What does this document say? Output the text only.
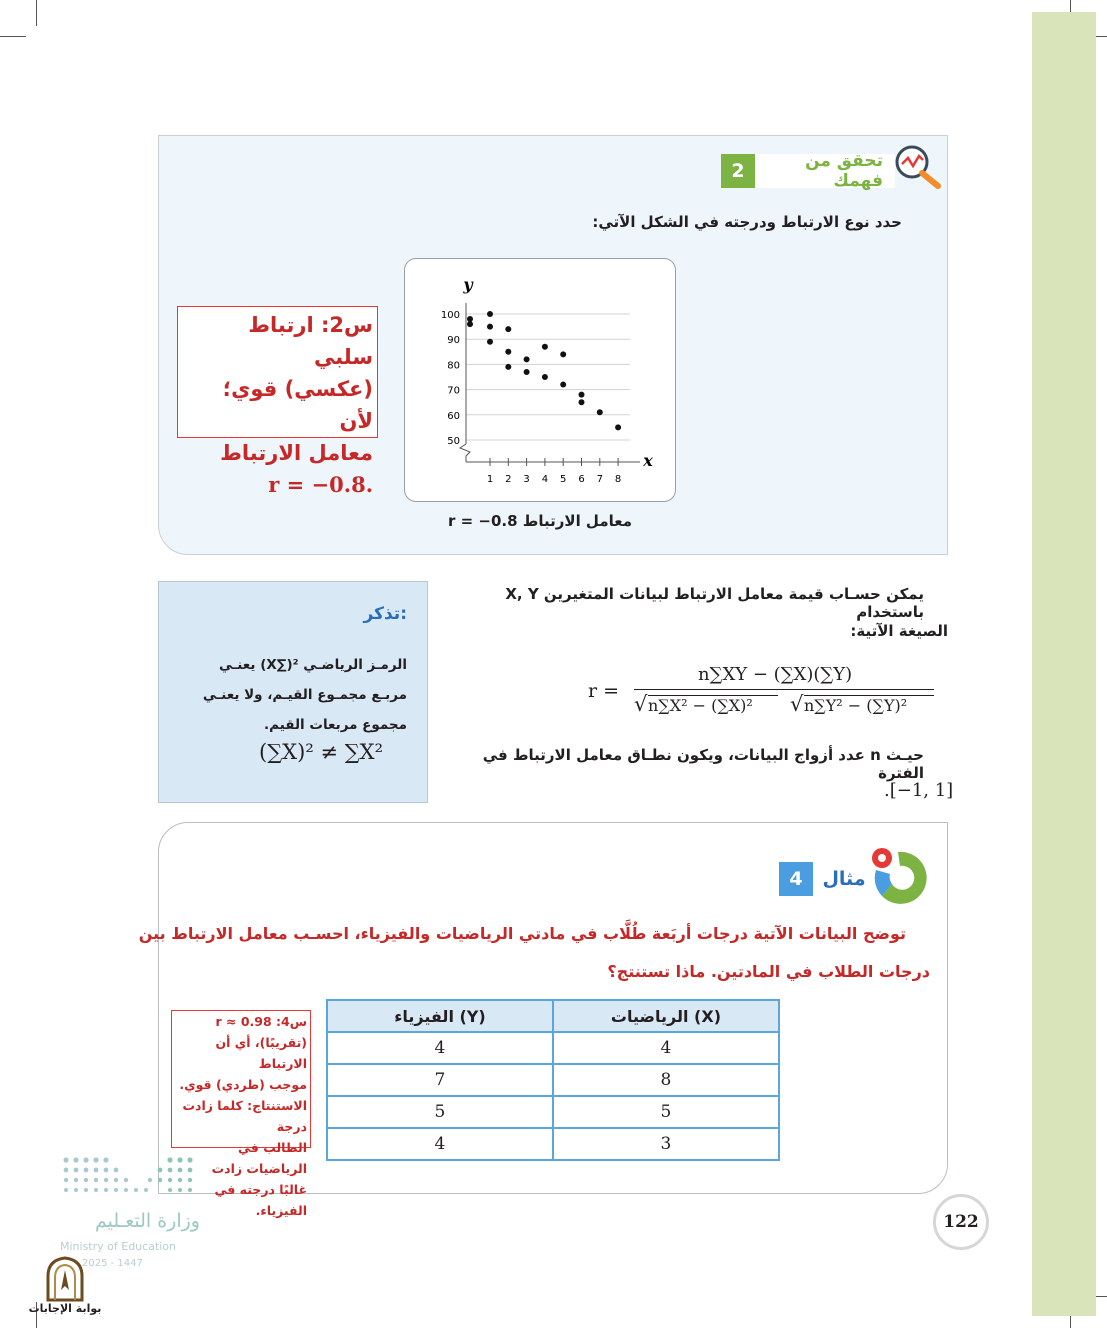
تحقق من فهمك
2
حدد نوع الارتباط ودرجته في الشكل الآتي:
100
90
80
70
60
50
1 2 3 4 5 6 7 8
y
x
معامل الارتباط r = −0.8
س2: ارتباط سلبي
(عكسي) قوي؛ لأن
معامل الارتباط
.r = −0.8
تذكر:
الرمـز الرياضـي ²(∑X) يعنـي
مربـع مجمـوع القيـم، ولا يعنـي
مجموع مربعات القيم.
(∑X)² ≠ ∑X²
يمكن حسـاب قيمة معامل الارتباط لبيانات المتغيرين X, Y باستخدام
الصيغة الآتية:
r =
n∑XY − (∑X)(∑Y)
√ n∑X² − (∑X)² √ n∑Y² − (∑Y)²
حيـث n عدد أزواج البيانات، ويكون نطـاق معامل الارتباط في الفترة
.[−1, 1]
4	مثال
توضح البيانات الآتية درجات أربَعة طُلَّاب في مادتي الرياضيات والفيزياء، احسـب معامل الارتباط بين
درجات الطلاب في المادتين. ماذا تستنتج؟
الفيزياء (Y)	الرياضيات (X)
4	4
7	8
5	5
4	3
س4: r ≈ 0.98
(تقريبًا)، أي أن الارتباط
موجب (طردي) قوي.
الاستنتاج: كلما زادت درجة
الطالب في الرياضيات زادت
غالبًا درجته في الفيزياء.
122
وزارة التعـليم
Ministry of Education
2025 - 1447
بوابة الإجابات
